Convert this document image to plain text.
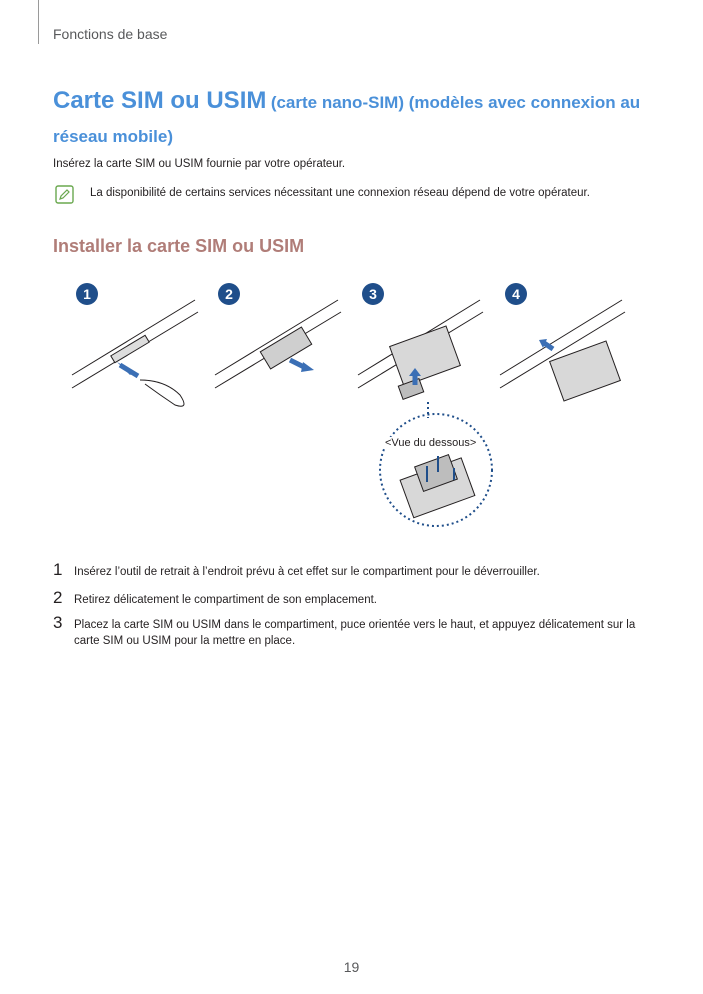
Fonctions de base
Carte SIM ou USIM (carte nano-SIM) (modèles avec connexion au réseau mobile)
Insérez la carte SIM ou USIM fournie par votre opérateur.
La disponibilité de certains services nécessitant une connexion réseau dépend de votre opérateur.
Installer la carte SIM ou USIM
1	2	3	4
<Vue du dessous>
1 Insérez l’outil de retrait à l’endroit prévu à cet effet sur le compartiment pour le déverrouiller.
2 Retirez délicatement le compartiment de son emplacement.
3 Placez la carte SIM ou USIM dans le compartiment, puce orientée vers le haut, et appuyez délicatement sur la carte SIM ou USIM pour la mettre en place.
19
